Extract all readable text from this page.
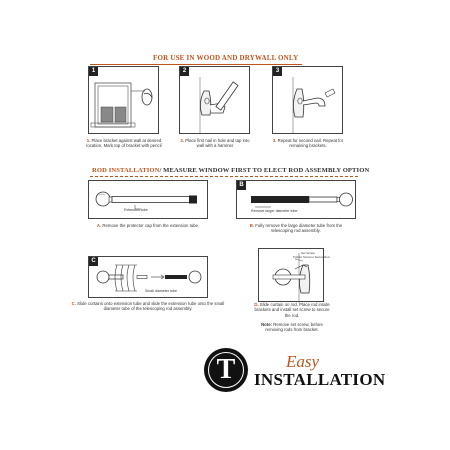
FOR USE IN WOOD AND DRYWALL ONLY
1	2	3
1. Place bracket against wall at desired location. Mark top of bracket with pencil
2. Place first nail in hole and tap into wall with a hammer
3. Repeat for second nail. Repeat for remaining brackets.
ROD INSTALLATION/ MEASURE WINDOW FIRST TO ELECT ROD ASSEMBLY OPTION
Extension tube
B
Remove larger diameter tube
A. Remove the protector cap from the extension tube.	B. Fully remove the large diameter tube from the telescoping rod assembly.
C
Small diameter tube
Set Screw
Tighten Screw to Secure Rod
C. Slide curtains onto extension tube and slide the extension tube onto the small diameter tube of the telescoping rod assembly.
D. Slide curtain on rod. Place rod inside brackets and install set screw to secure the rod.
Note: Remove set screw, before removing rods from bracket.
T	Easy
INSTALLATION
